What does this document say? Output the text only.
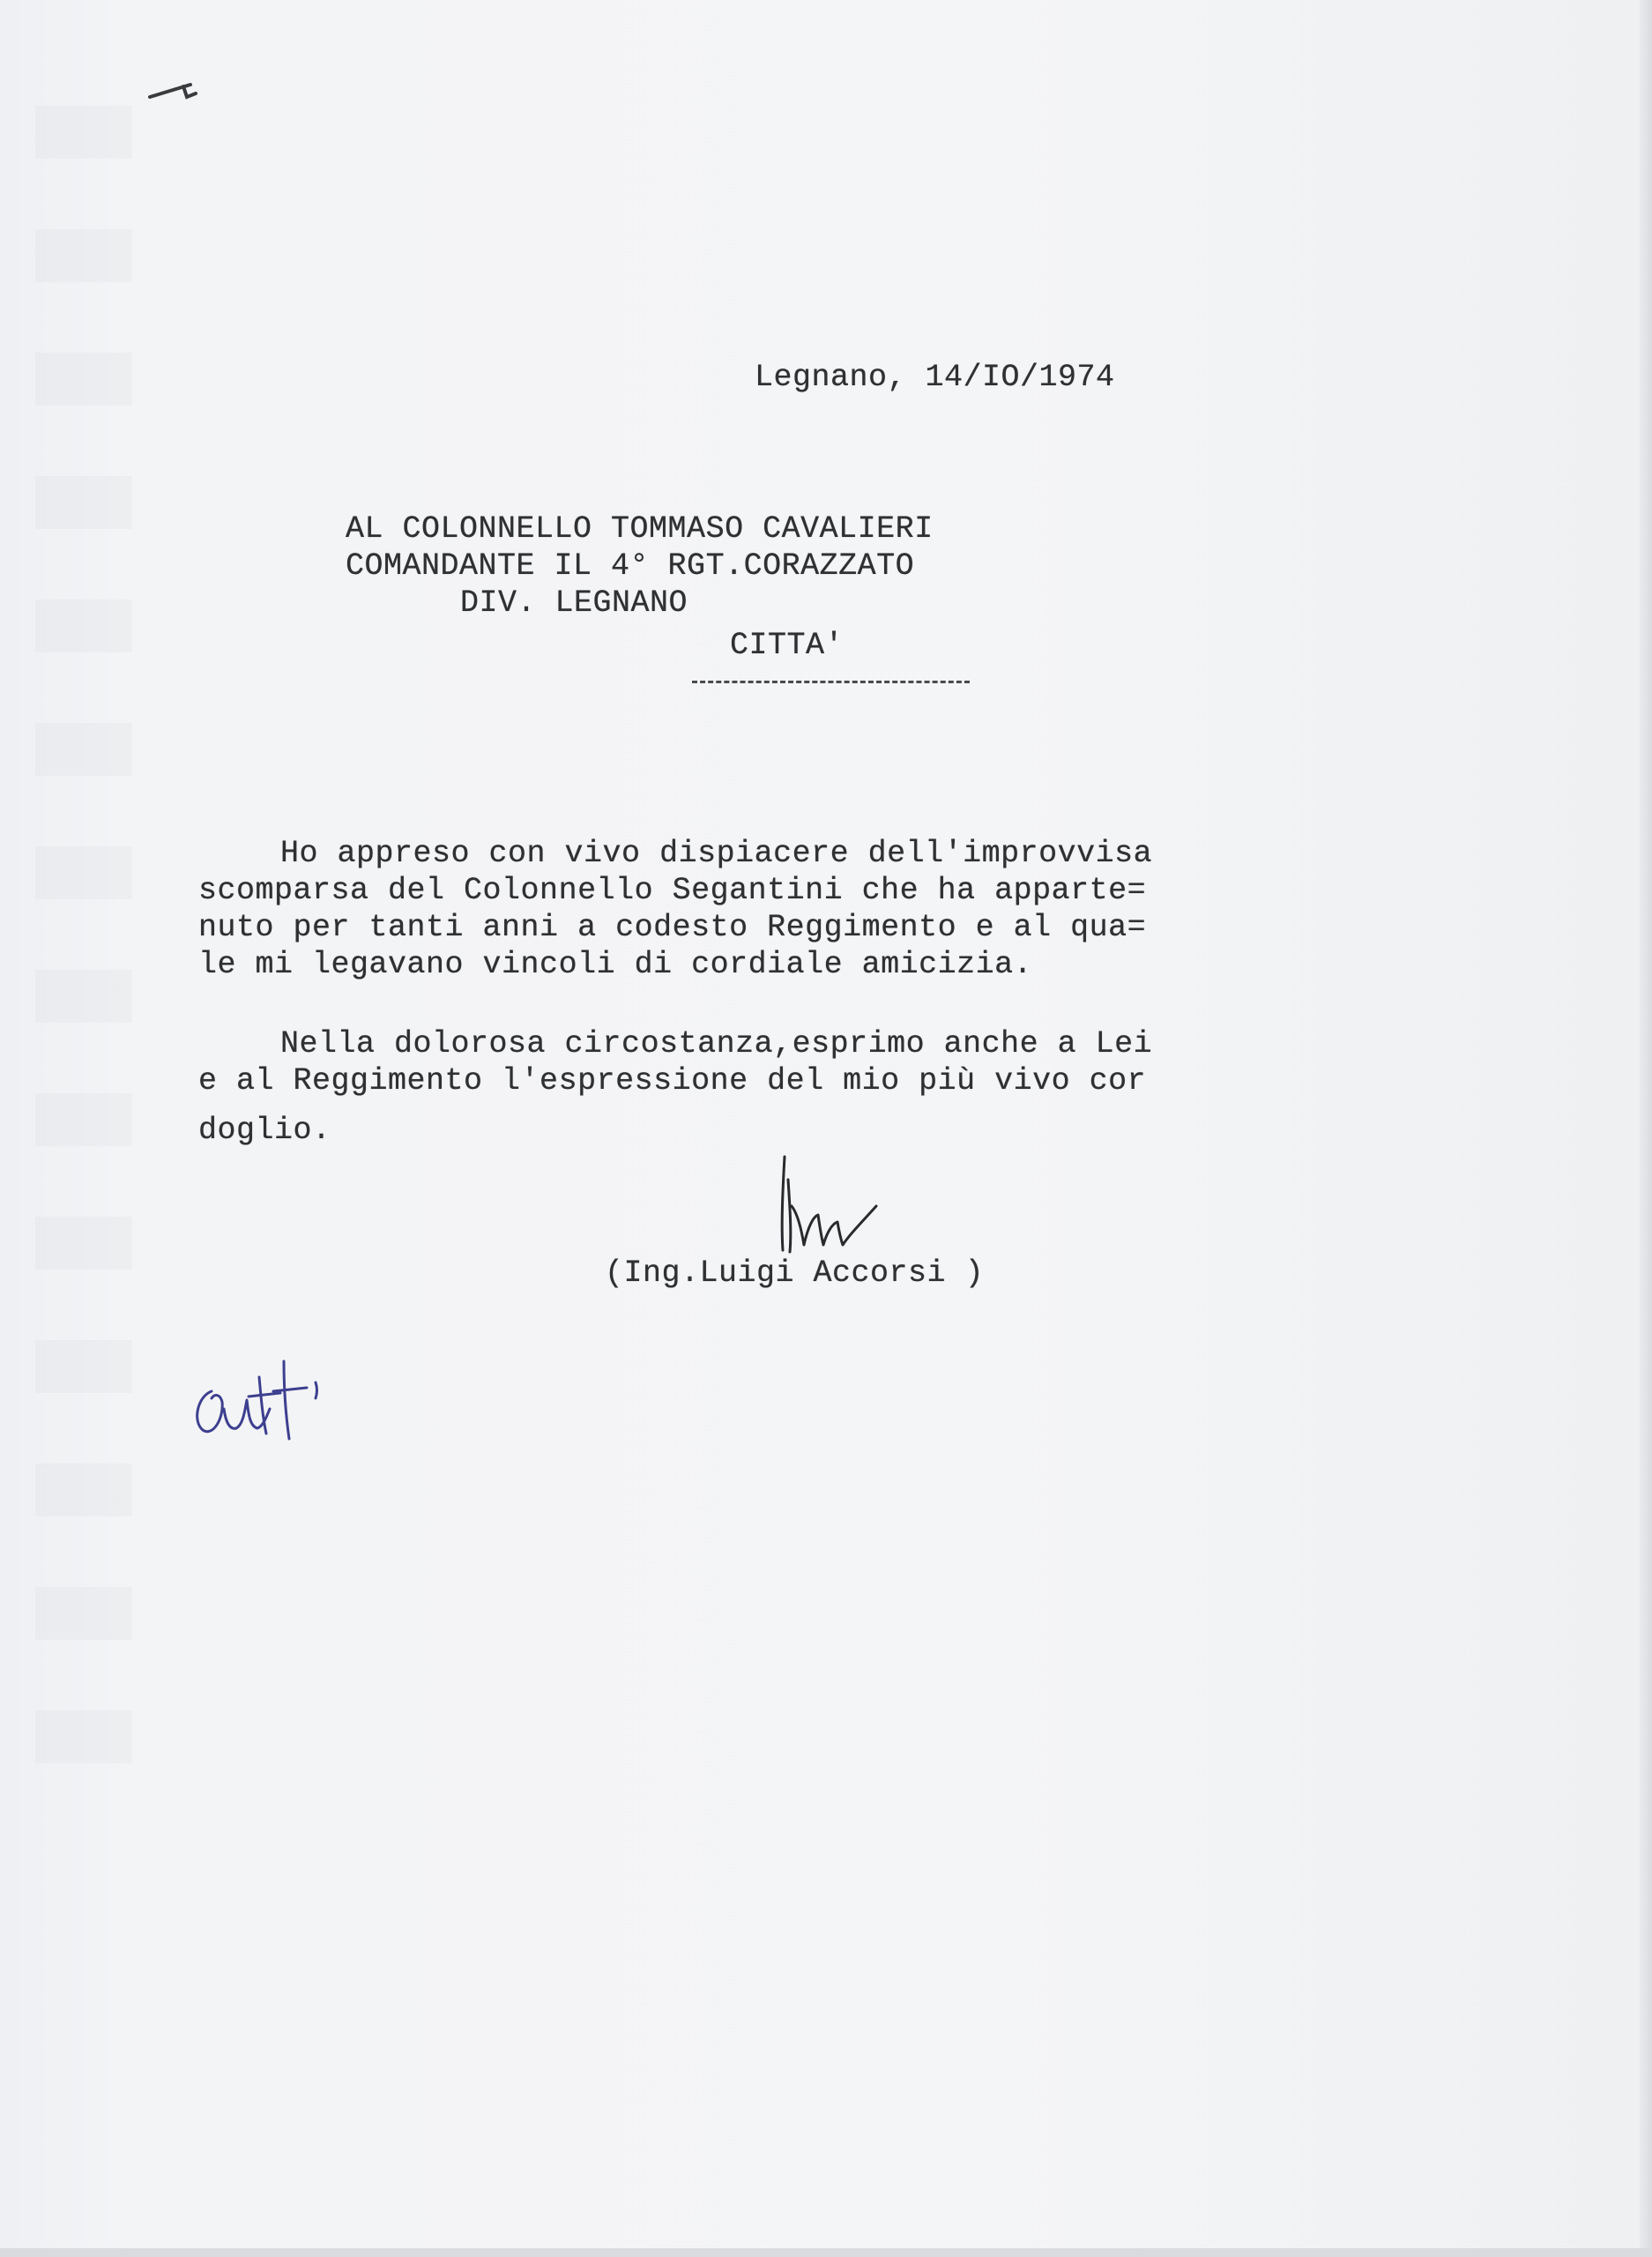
Legnano, 14/IO/1974
AL COLONNELLO TOMMASO CAVALIERI
COMANDANTE IL 4° RGT.CORAZZATO
DIV. LEGNANO
CITTA'
Ho appreso con vivo dispiacere dell'improvvisa
scomparsa del Colonnello Segantini che ha apparte=
nuto per tanti anni a codesto Reggimento e al qua=
le mi legavano vincoli di cordiale amicizia.
Nella dolorosa circostanza,esprimo anche a Lei
e al Reggimento l'espressione del mio più vivo cor
doglio.
(Ing.Luigi Accorsi )
